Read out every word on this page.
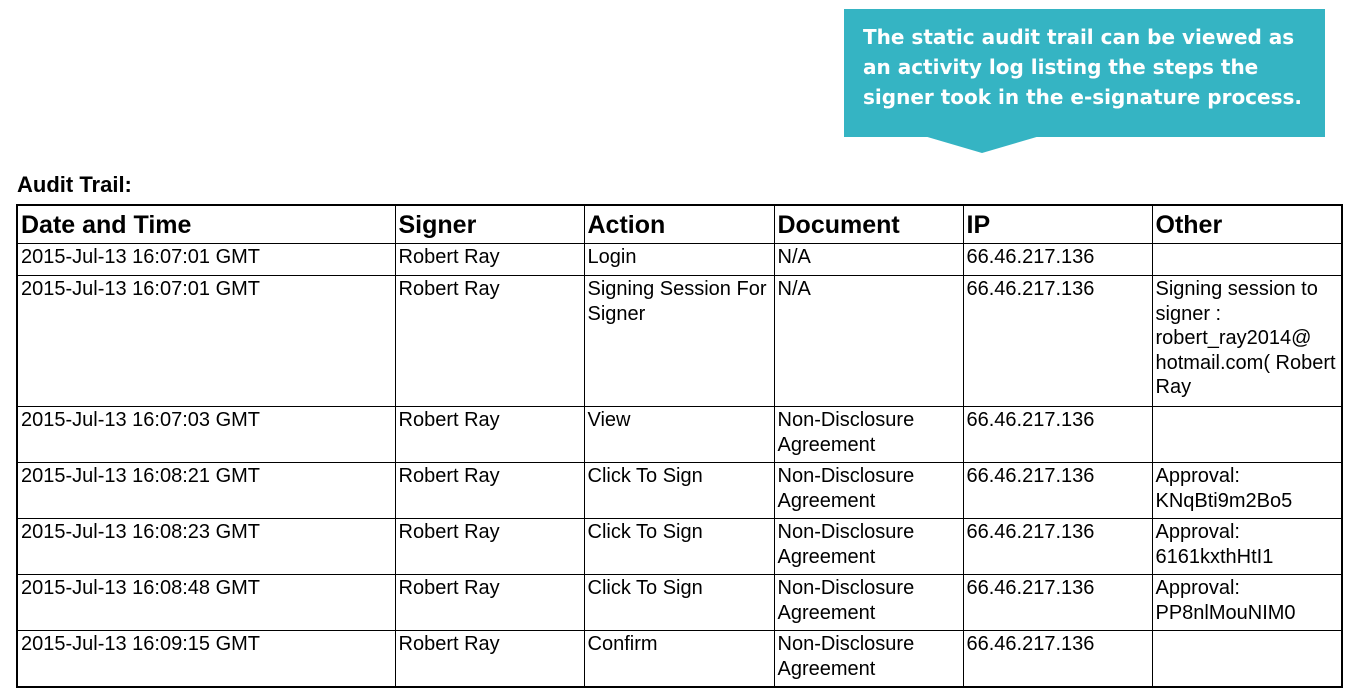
The static audit trail can be viewed as an activity log listing the steps the signer took in the e-signature process.

Audit Trail:
Date and Time	Signer	Action	Document	IP	Other
2015-Jul-13 16:07:01 GMT	Robert Ray	Login	N/A	66.46.217.136	
2015-Jul-13 16:07:01 GMT	Robert Ray	Signing Session For Signer	N/A	66.46.217.136	Signing session to signer : robert_ray2014@ hotmail.com( Robert Ray
2015-Jul-13 16:07:03 GMT	Robert Ray	View	Non-Disclosure Agreement	66.46.217.136	
2015-Jul-13 16:08:21 GMT	Robert Ray	Click To Sign	Non-Disclosure Agreement	66.46.217.136	Approval: KNqBti9m2Bo5
2015-Jul-13 16:08:23 GMT	Robert Ray	Click To Sign	Non-Disclosure Agreement	66.46.217.136	Approval: 6161kxthHtI1
2015-Jul-13 16:08:48 GMT	Robert Ray	Click To Sign	Non-Disclosure Agreement	66.46.217.136	Approval: PP8nlMouNIM0
2015-Jul-13 16:09:15 GMT	Robert Ray	Confirm	Non-Disclosure Agreement	66.46.217.136	
